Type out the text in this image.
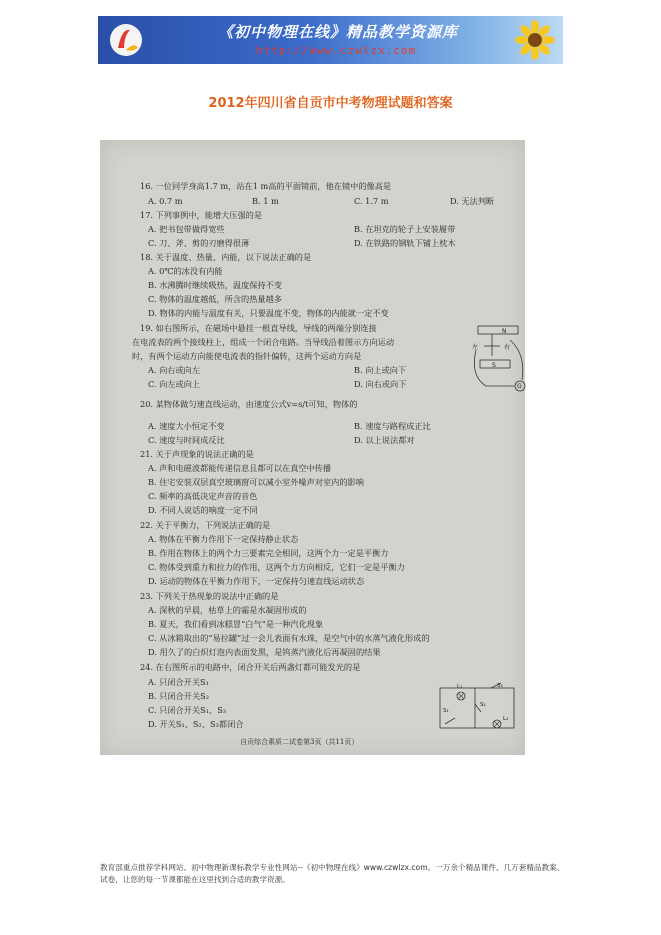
《初中物理在线》精品教学资源库
http://www.czwlzx.com
2012年四川省自贡市中考物理试题和答案
16. 一位同学身高1.7 m，站在1 m高的平面镜前，他在镜中的像高是
A. 0.7 m	B. 1 m	C. 1.7 m	D. 无法判断
17. 下列事例中，能增大压强的是
A. 把书包带做得宽些	B. 在坦克的轮子上安装履带
C. 刀、斧、剪的刃磨得很薄	D. 在铁路的钢轨下铺上枕木
18. 关于温度、热量、内能，以下说法正确的是
A. 0℃的冰没有内能
B. 水沸腾时继续吸热，温度保持不变
C. 物体的温度越低，所含的热量越多
D. 物体的内能与温度有关，只要温度不变，物体的内能就一定不变
19. 如右图所示，在磁场中悬挂一根直导线，导线的两端分别连接
在电流表的两个接线柱上，组成一个闭合电路。当导线沿着图示方向运动
时，有两个运动方向能使电流表的指针偏转，这两个运动方向是
A. 向右或向左	B. 向上或向下
C. 向左或向上	D. 向右或向下
N
左	右
S
G
20. 某物体做匀速直线运动，由速度公式v=s/t可知，物体的
A. 速度大小恒定不变	B. 速度与路程成正比
C. 速度与时间成反比	D. 以上说法都对
21. 关于声现象的说法正确的是
A. 声和电磁波都能传递信息且都可以在真空中传播
B. 住宅安装双层真空玻璃窗可以减小室外噪声对室内的影响
C. 频率的高低决定声音的音色
D. 不同人说话的响度一定不同
22. 关于平衡力，下列说法正确的是
A. 物体在平衡力作用下一定保持静止状态
B. 作用在物体上的两个力三要素完全相同，这两个力一定是平衡力
C. 物体受到重力和拉力的作用，这两个力方向相反，它们一定是平衡力
D. 运动的物体在平衡力作用下，一定保持匀速直线运动状态
23. 下列关于热现象的说法中正确的是
A. 深秋的早晨，枯草上的霜是水凝固形成的
B. 夏天，我们看到冰糕冒“白气”是一种汽化现象
C. 从冰箱取出的“易拉罐”过一会儿表面有水珠，是空气中的水蒸气液化形成的
D. 用久了的白炽灯泡内表面发黑，是钨蒸汽液化后再凝固的结果
24. 在右图所示的电路中，闭合开关后两盏灯都可能发光的是
A. 只闭合开关S₁
B. 只闭合开关S₂
C. 只闭合开关S₁、S₃
D. 开关S₁、S₂、S₃都闭合
L₁	S₃
S₂
S₁
L₂
自贡综合素质二试卷第3页（共11页）
教育部重点推荐学科网站、初中物理新课标教学专业性网站--《初中物理在线》www.czwlzx.com。一万余个精品课件、几万套精品教案、试卷，让您的每一节课都能在这里找到合适的教学资源。
